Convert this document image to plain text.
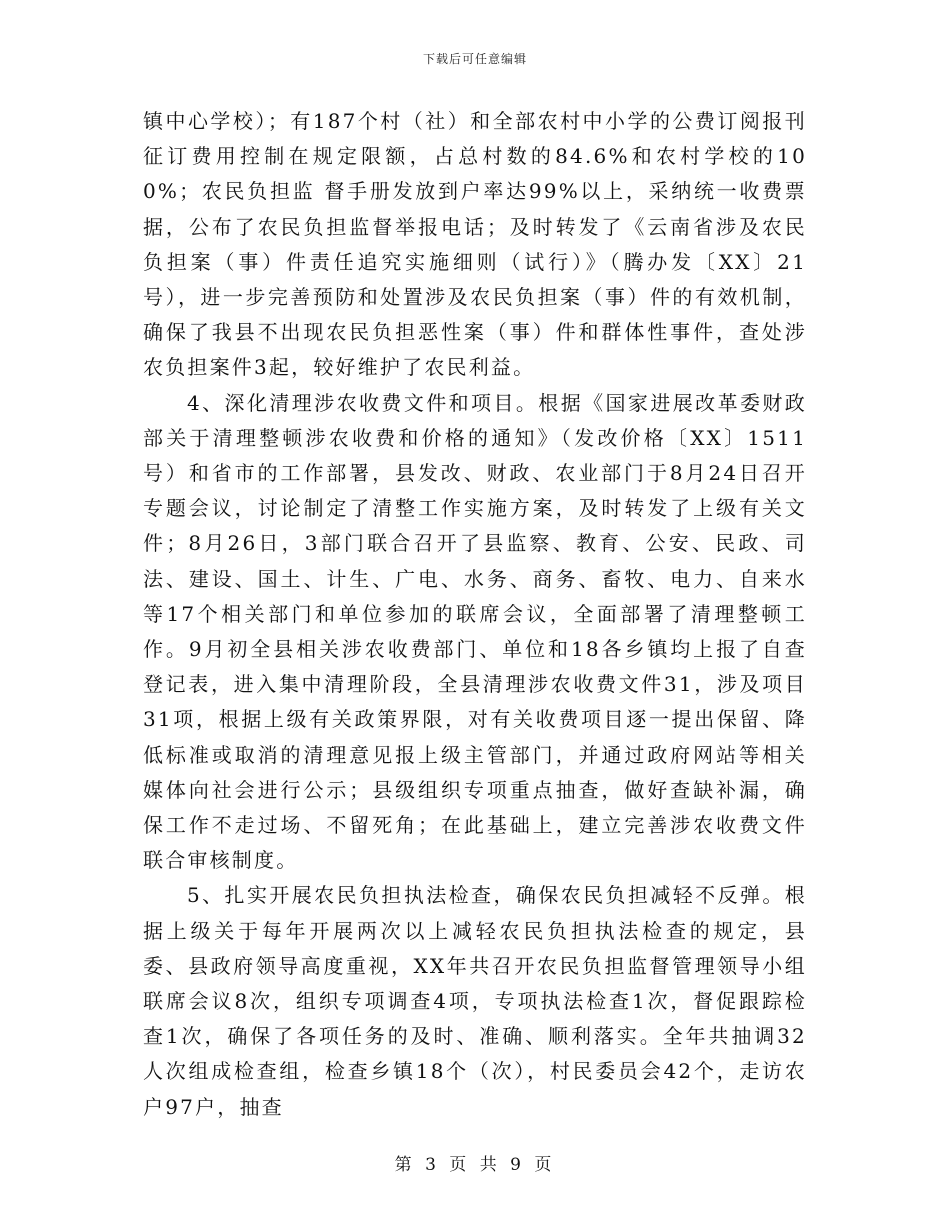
下载后可任意编辑

镇中心学校）；有187个村（社）和全部农村中小学的公费订阅报刊征订费用控制在规定限额，占总村数的84.6%和农村学校的100%；农民负担监 督手册发放到户率达99%以上，采纳统一收费票据，公布了农民负担监督举报电话；及时转发了《云南省涉及农民负担案（事）件责任追究实施细则（试行）》（腾办发〔XX〕21号），进一步完善预防和处置涉及农民负担案（事）件的有效机制，确保了我县不出现农民负担恶性案（事）件和群体性事件，查处涉农负担案件3起，较好维护了农民利益。

4、深化清理涉农收费文件和项目。根据《国家进展改革委财政部关于清理整顿涉农收费和价格的通知》（发改价格〔XX〕1511号）和省市的工作部署，县发改、财政、农业部门于8月24日召开专题会议，讨论制定了清整工作实施方案，及时转发了上级有关文件；8月26日，3部门联合召开了县监察、教育、公安、民政、司法、建设、国土、计生、广电、水务、商务、畜牧、电力、自来水等17个相关部门和单位参加的联席会议，全面部署了清理整顿工作。9月初全县相关涉农收费部门、单位和18各乡镇均上报了自查登记表，进入集中清理阶段，全县清理涉农收费文件31，涉及项目31项，根据上级有关政策界限，对有关收费项目逐一提出保留、降低标准或取消的清理意见报上级主管部门，并通过政府网站等相关媒体向社会进行公示；县级组织专项重点抽查，做好查缺补漏，确保工作不走过场、不留死角；在此基础上，建立完善涉农收费文件联合审核制度。

5、扎实开展农民负担执法检查，确保农民负担减轻不反弹。根据上级关于每年开展两次以上减轻农民负担执法检查的规定，县委、县政府领导高度重视，XX年共召开农民负担监督管理领导小组联席会议8次，组织专项调查4项，专项执法检查1次，督促跟踪检查1次，确保了各项任务的及时、准确、顺利落实。全年共抽调32人次组成检查组，检查乡镇18个（次），村民委员会42个，走访农户97户，抽查

第 3 页 共 9 页
